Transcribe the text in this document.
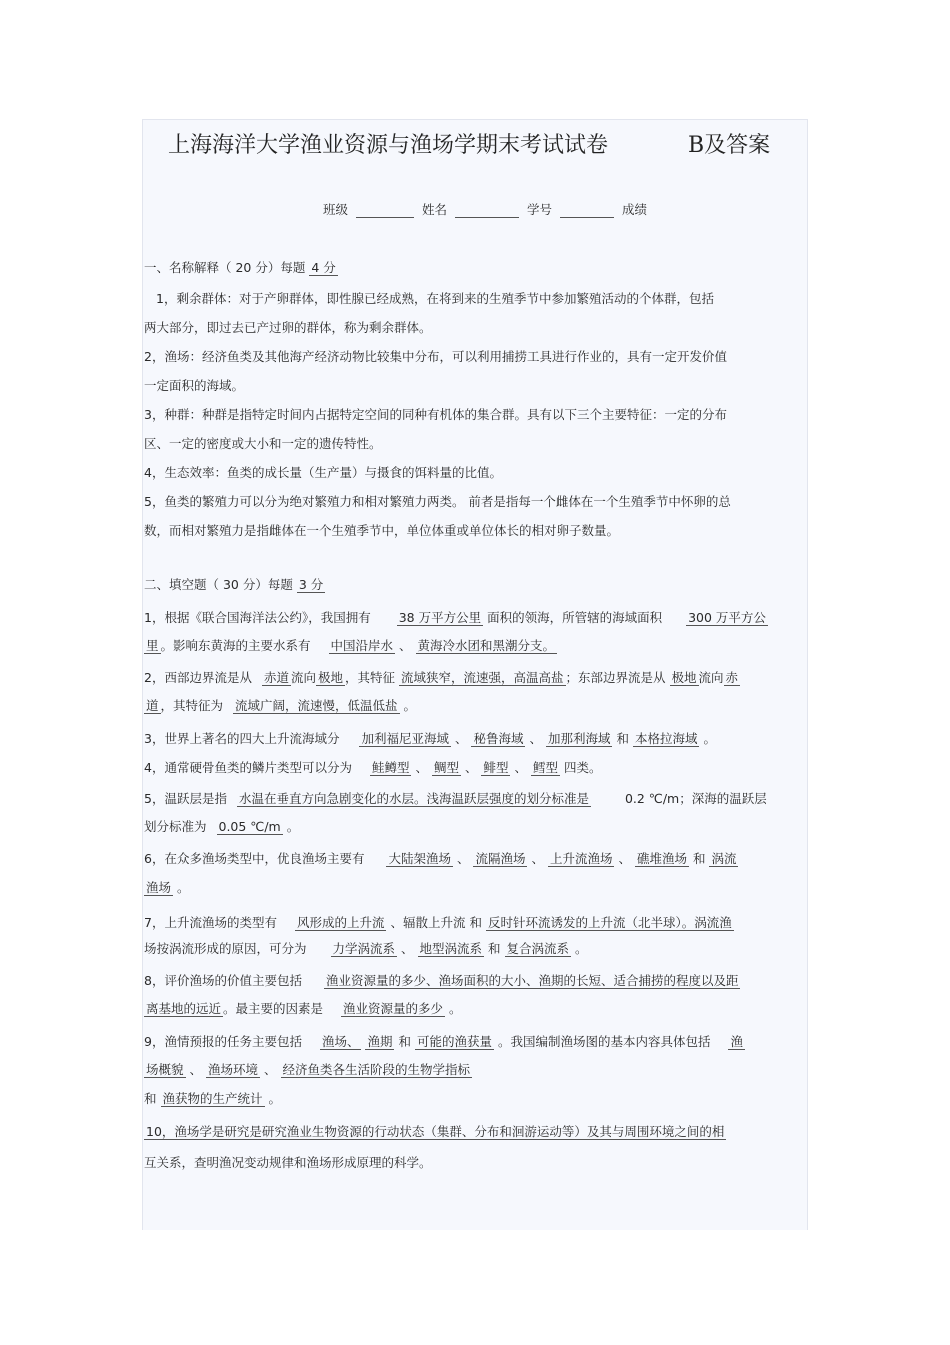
上海海洋大学渔业资源与渔场学期末考试试卷	B及答案
班级	姓名	学号	成绩
一、名称解释（ 20 分）每题 4 分
1，剩余群体：对于产卵群体，即性腺已经成熟，在将到来的生殖季节中参加繁殖活动的个体群，包括
两大部分，即过去已产过卵的群体，称为剩余群体。
2，渔场：经济鱼类及其他海产经济动物比较集中分布，可以利用捕捞工具进行作业的，具有一定开发价值
一定面积的海域。
3，种群：种群是指特定时间内占据特定空间的同种有机体的集合群。具有以下三个主要特征：一定的分布
区、一定的密度或大小和一定的遗传特性。
4，生态效率：鱼类的成长量（生产量）与摄食的饵料量的比值。
5，鱼类的繁殖力可以分为绝对繁殖力和相对繁殖力两类。 前者是指每一个雌体在一个生殖季节中怀卵的总
数，而相对繁殖力是指雌体在一个生殖季节中，单位体重或单位体长的相对卵子数量。
二、填空题（ 30 分）每题 3 分
1，根据《联合国海洋法公约》，我国拥有 38 万平方公里 面积的领海，所管辖的海域面积 300 万平方公
里 。影响东黄海的主要水系有 中国沿岸水 、 黄海冷水团和黑潮分支。
2，西部边界流是从 赤道 流向 极地 ，其特征 流域狭窄，流速强，高温高盐 ；东部边界流是从 极地 流向 赤
道 ，其特征为 流域广阔，流速慢，低温低盐 。
3，世界上著名的四大上升流海域分 加利福尼亚海域 、 秘鲁海域 、 加那利海域 和 本格拉海域 。
4，通常硬骨鱼类的鳞片类型可以分为 鲑鳟型 、 鲷型 、 鲱型 、 鳕型 四类。
5，温跃层是指 水温在垂直方向急剧变化的水层。浅海温跃层强度的划分标准是	0.2 ℃/m；深海的温跃层
划分标准为 0.05 ℃/m 。
6，在众多渔场类型中，优良渔场主要有 大陆架渔场 、 流隔渔场 、 上升流渔场 、 礁堆渔场 和 涡流
渔场 。
7，上升流渔场的类型有 风形成的上升流 、辐散上升流 和 反时针环流诱发的上升流（北半球）。涡流渔
场按涡流形成的原因，可分为 力学涡流系 、 地型涡流系 和 复合涡流系 。
8，评价渔场的价值主要包括 渔业资源量的多少、渔场面积的大小、渔期的长短、适合捕捞的程度以及距
离基地的远近 。最主要的因素是 渔业资源量的多少 。
9，渔情预报的任务主要包括 渔场、 渔期 和 可能的渔获量 。我国编制渔场图的基本内容具体包括 渔
场概貌 、 渔场环境 、 经济鱼类各生活阶段的生物学指标
和 渔获物的生产统计 。
10，渔场学是研究是研究渔业生物资源的行动状态（集群、分布和洄游运动等）及其与周围环境之间的相
互关系，查明渔况变动规律和渔场形成原理的科学。
